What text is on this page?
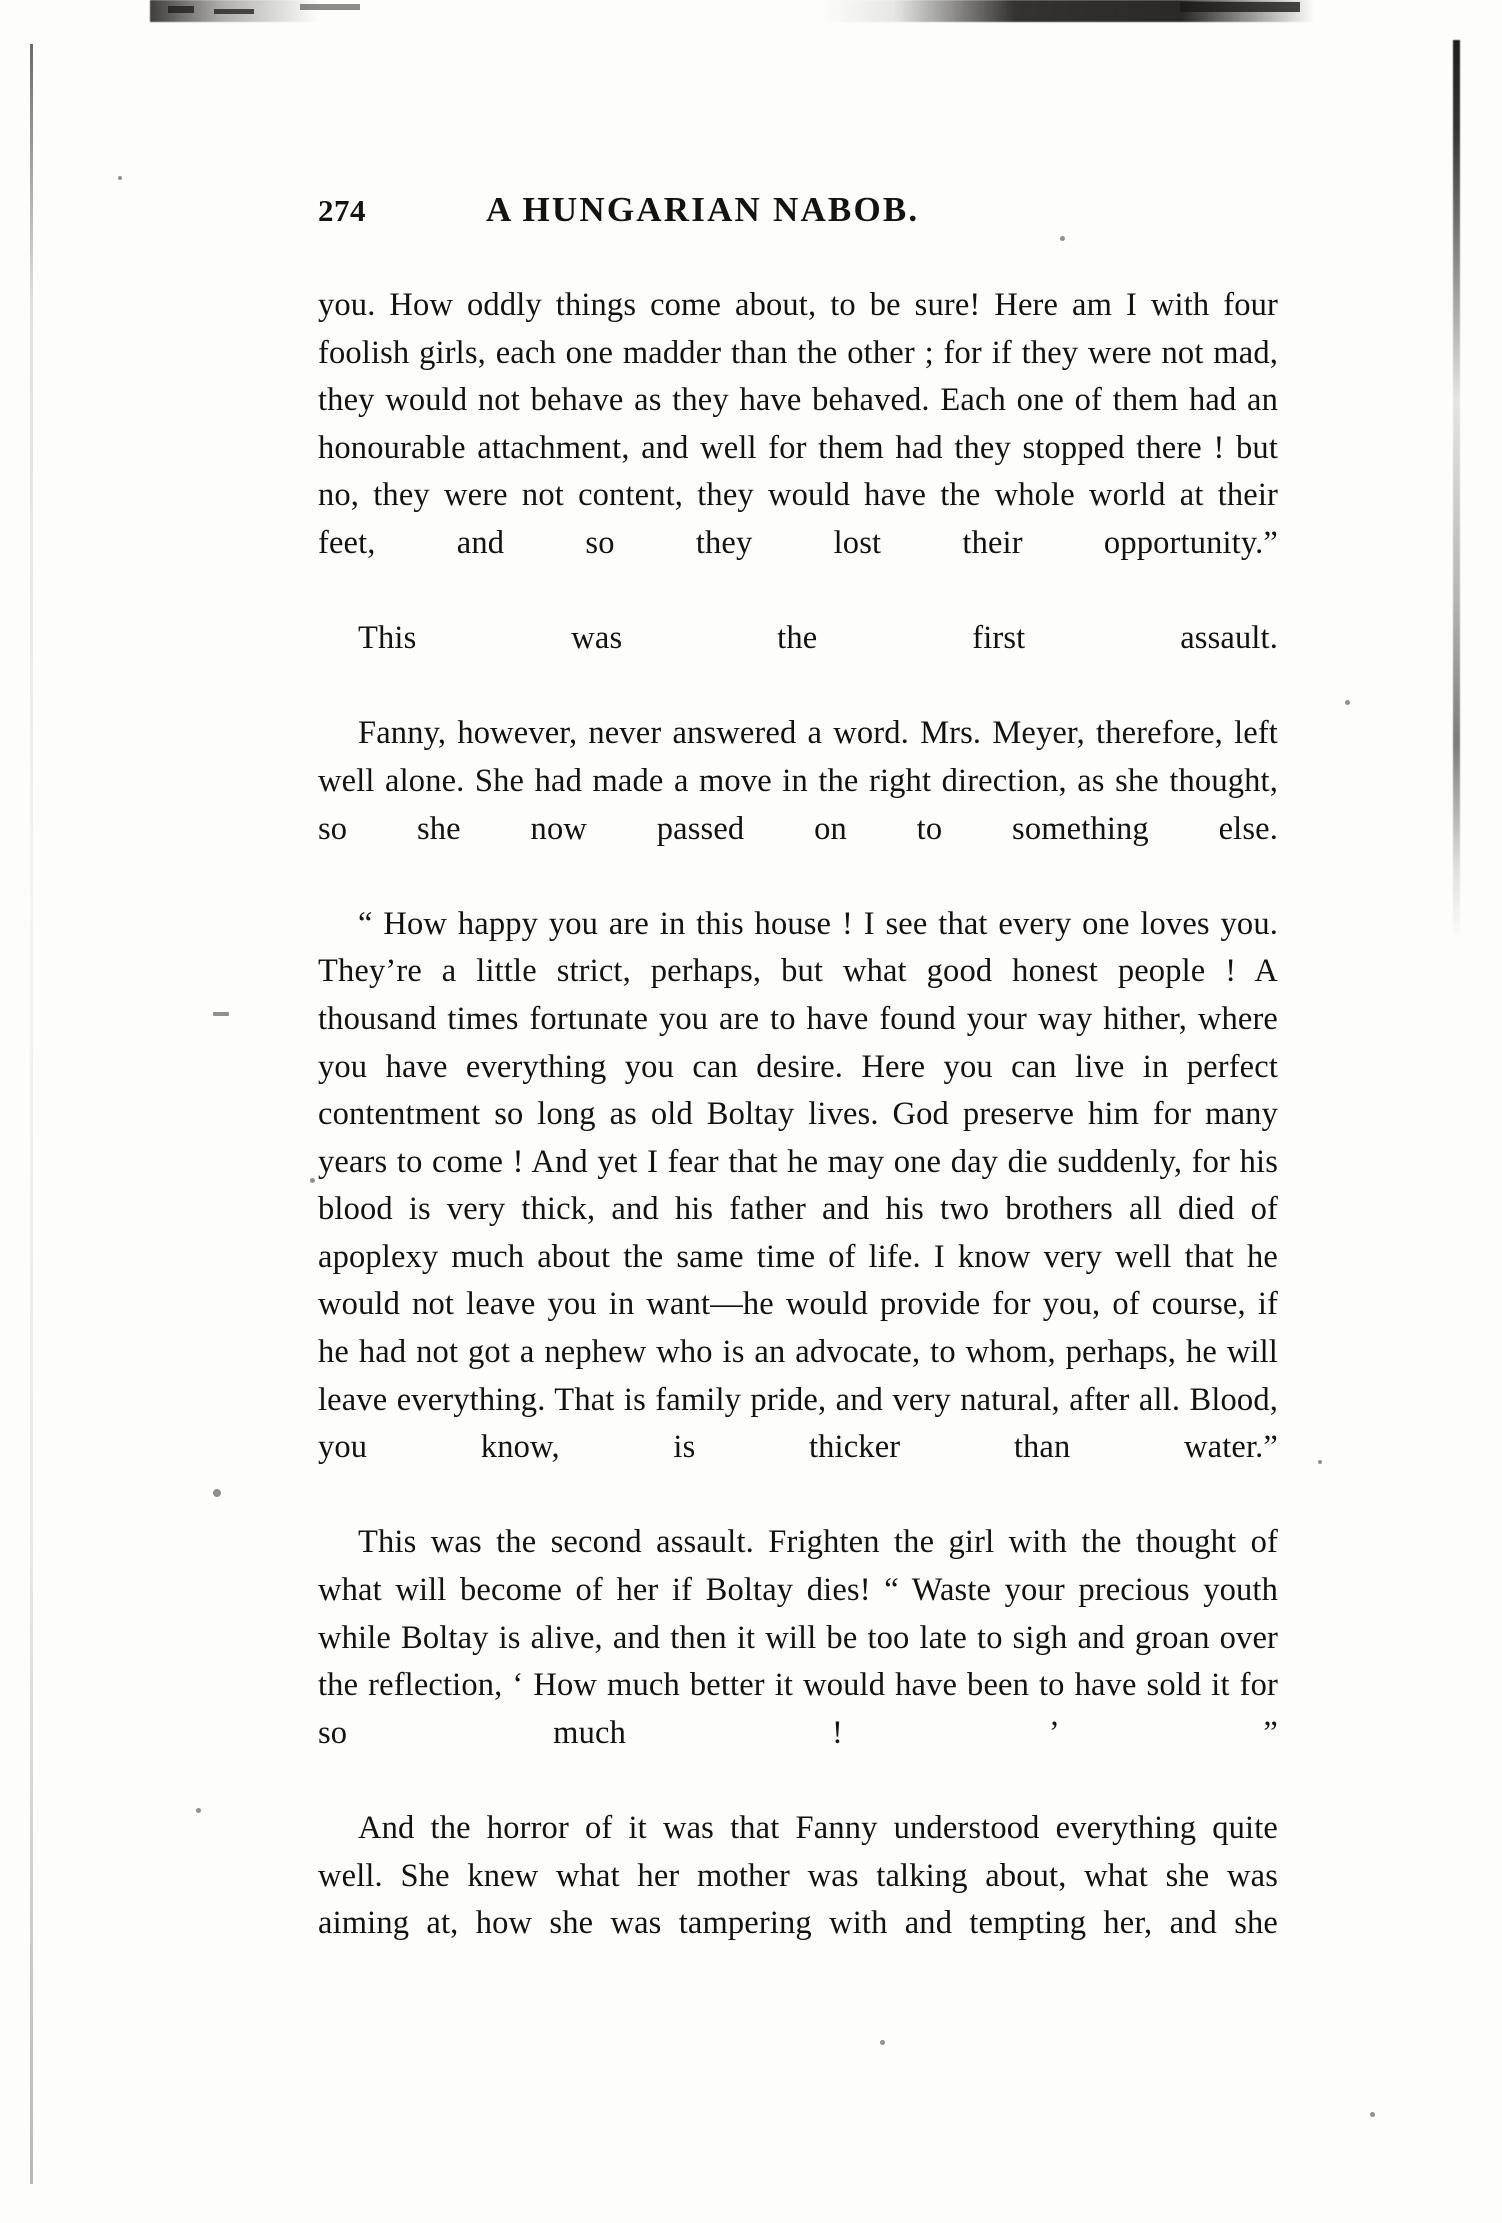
274	A HUNGARIAN NABOB.

you. How oddly things come about, to be sure! Here am I with four foolish girls, each one madder than the other ; for if they were not mad, they would not behave as they have behaved. Each one of them had an honourable attachment, and well for them had they stopped there ! but no, they were not content, they would have the whole world at their feet, and so they lost their opportunity.”

This was the first assault.

Fanny, however, never answered a word. Mrs. Meyer, therefore, left well alone. She had made a move in the right direction, as she thought, so she now passed on to something else.

“ How happy you are in this house ! I see that every one loves you. They’re a little strict, perhaps, but what good honest people ! A thousand times fortunate you are to have found your way hither, where you have everything you can desire. Here you can live in perfect contentment so long as old Boltay lives. God preserve him for many years to come ! And yet I fear that he may one day die suddenly, for his blood is very thick, and his father and his two brothers all died of apoplexy much about the same time of life. I know very well that he would not leave you in want—he would provide for you, of course, if he had not got a nephew who is an advocate, to whom, perhaps, he will leave everything. That is family pride, and very natural, after all. Blood, you know, is thicker than water.”

This was the second assault. Frighten the girl with the thought of what will become of her if Boltay dies! “ Waste your precious youth while Boltay is alive, and then it will be too late to sigh and groan over the reflection, ‘ How much better it would have been to have sold it for so much ! ’ ”

And the horror of it was that Fanny understood everything quite well. She knew what her mother was talking about, what she was aiming at, how she was tampering with and tempting her, and she
